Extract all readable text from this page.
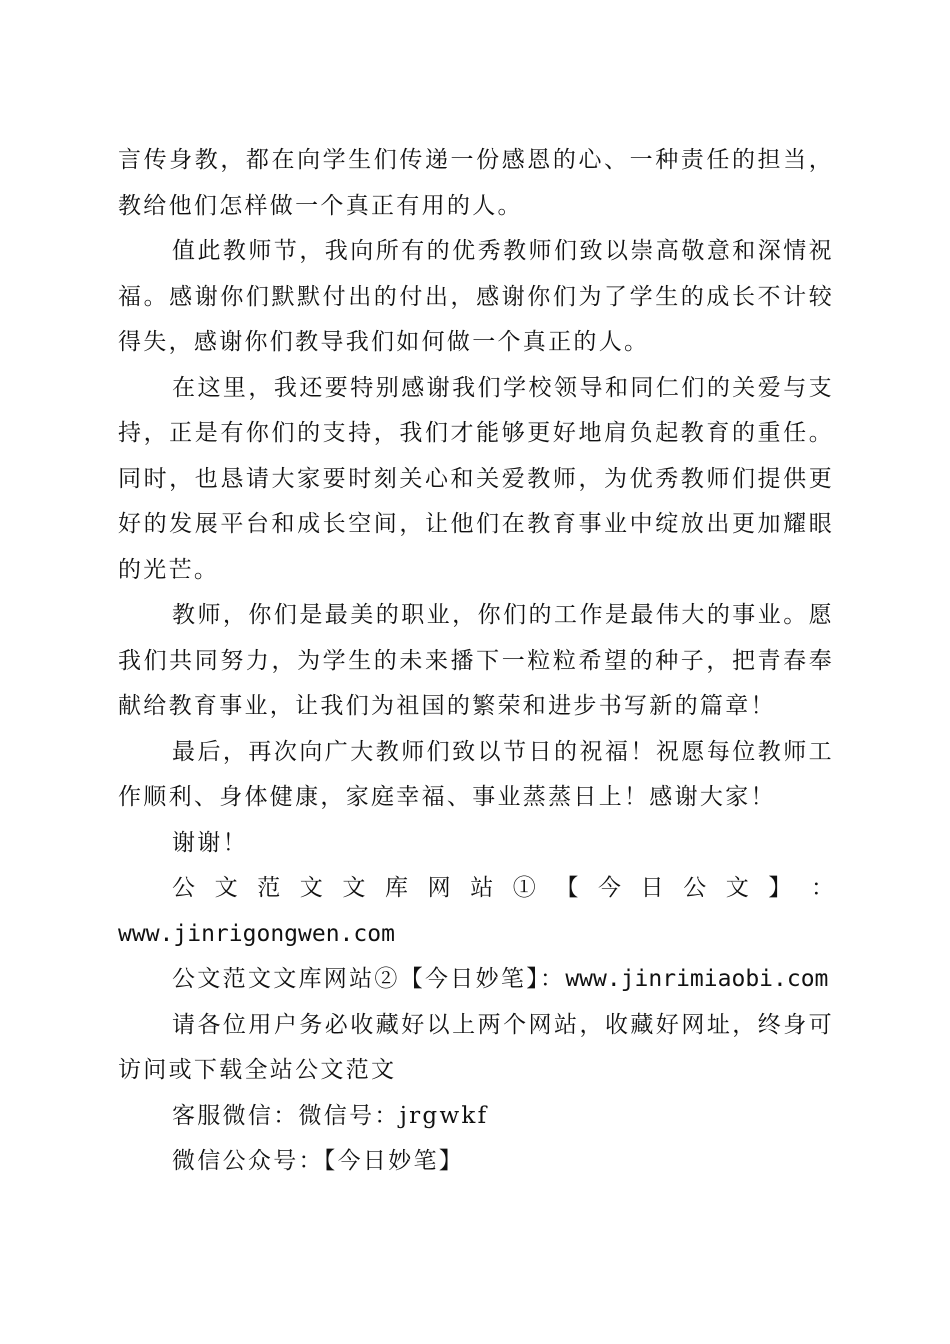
言传身教，都在向学生们传递一份感恩的心、一种责任的担当，教给他们怎样做一个真正有用的人。

值此教师节，我向所有的优秀教师们致以崇高敬意和深情祝福。感谢你们默默付出的付出，感谢你们为了学生的成长不计较得失，感谢你们教导我们如何做一个真正的人。

在这里，我还要特别感谢我们学校领导和同仁们的关爱与支持，正是有你们的支持，我们才能够更好地肩负起教育的重任。同时，也恳请大家要时刻关心和关爱教师，为优秀教师们提供更好的发展平台和成长空间，让他们在教育事业中绽放出更加耀眼的光芒。

教师，你们是最美的职业，你们的工作是最伟大的事业。愿我们共同努力，为学生的未来播下一粒粒希望的种子，把青春奉献给教育事业，让我们为祖国的繁荣和进步书写新的篇章！

最后，再次向广大教师们致以节日的祝福！祝愿每位教师工作顺利、身体健康，家庭幸福、事业蒸蒸日上！感谢大家！

谢谢！

公 文 范 文 文 库 网 站 ① 【 今 日 公 文 】 ：
www.jinrigongwen.com

公文范文文库网站②【今日妙笔】：www.jinrimiaobi.com

请各位用户务必收藏好以上两个网站，收藏好网址，终身可访问或下载全站公文范文

客服微信：微信号：jrgwkf

微信公众号：【今日妙笔】
